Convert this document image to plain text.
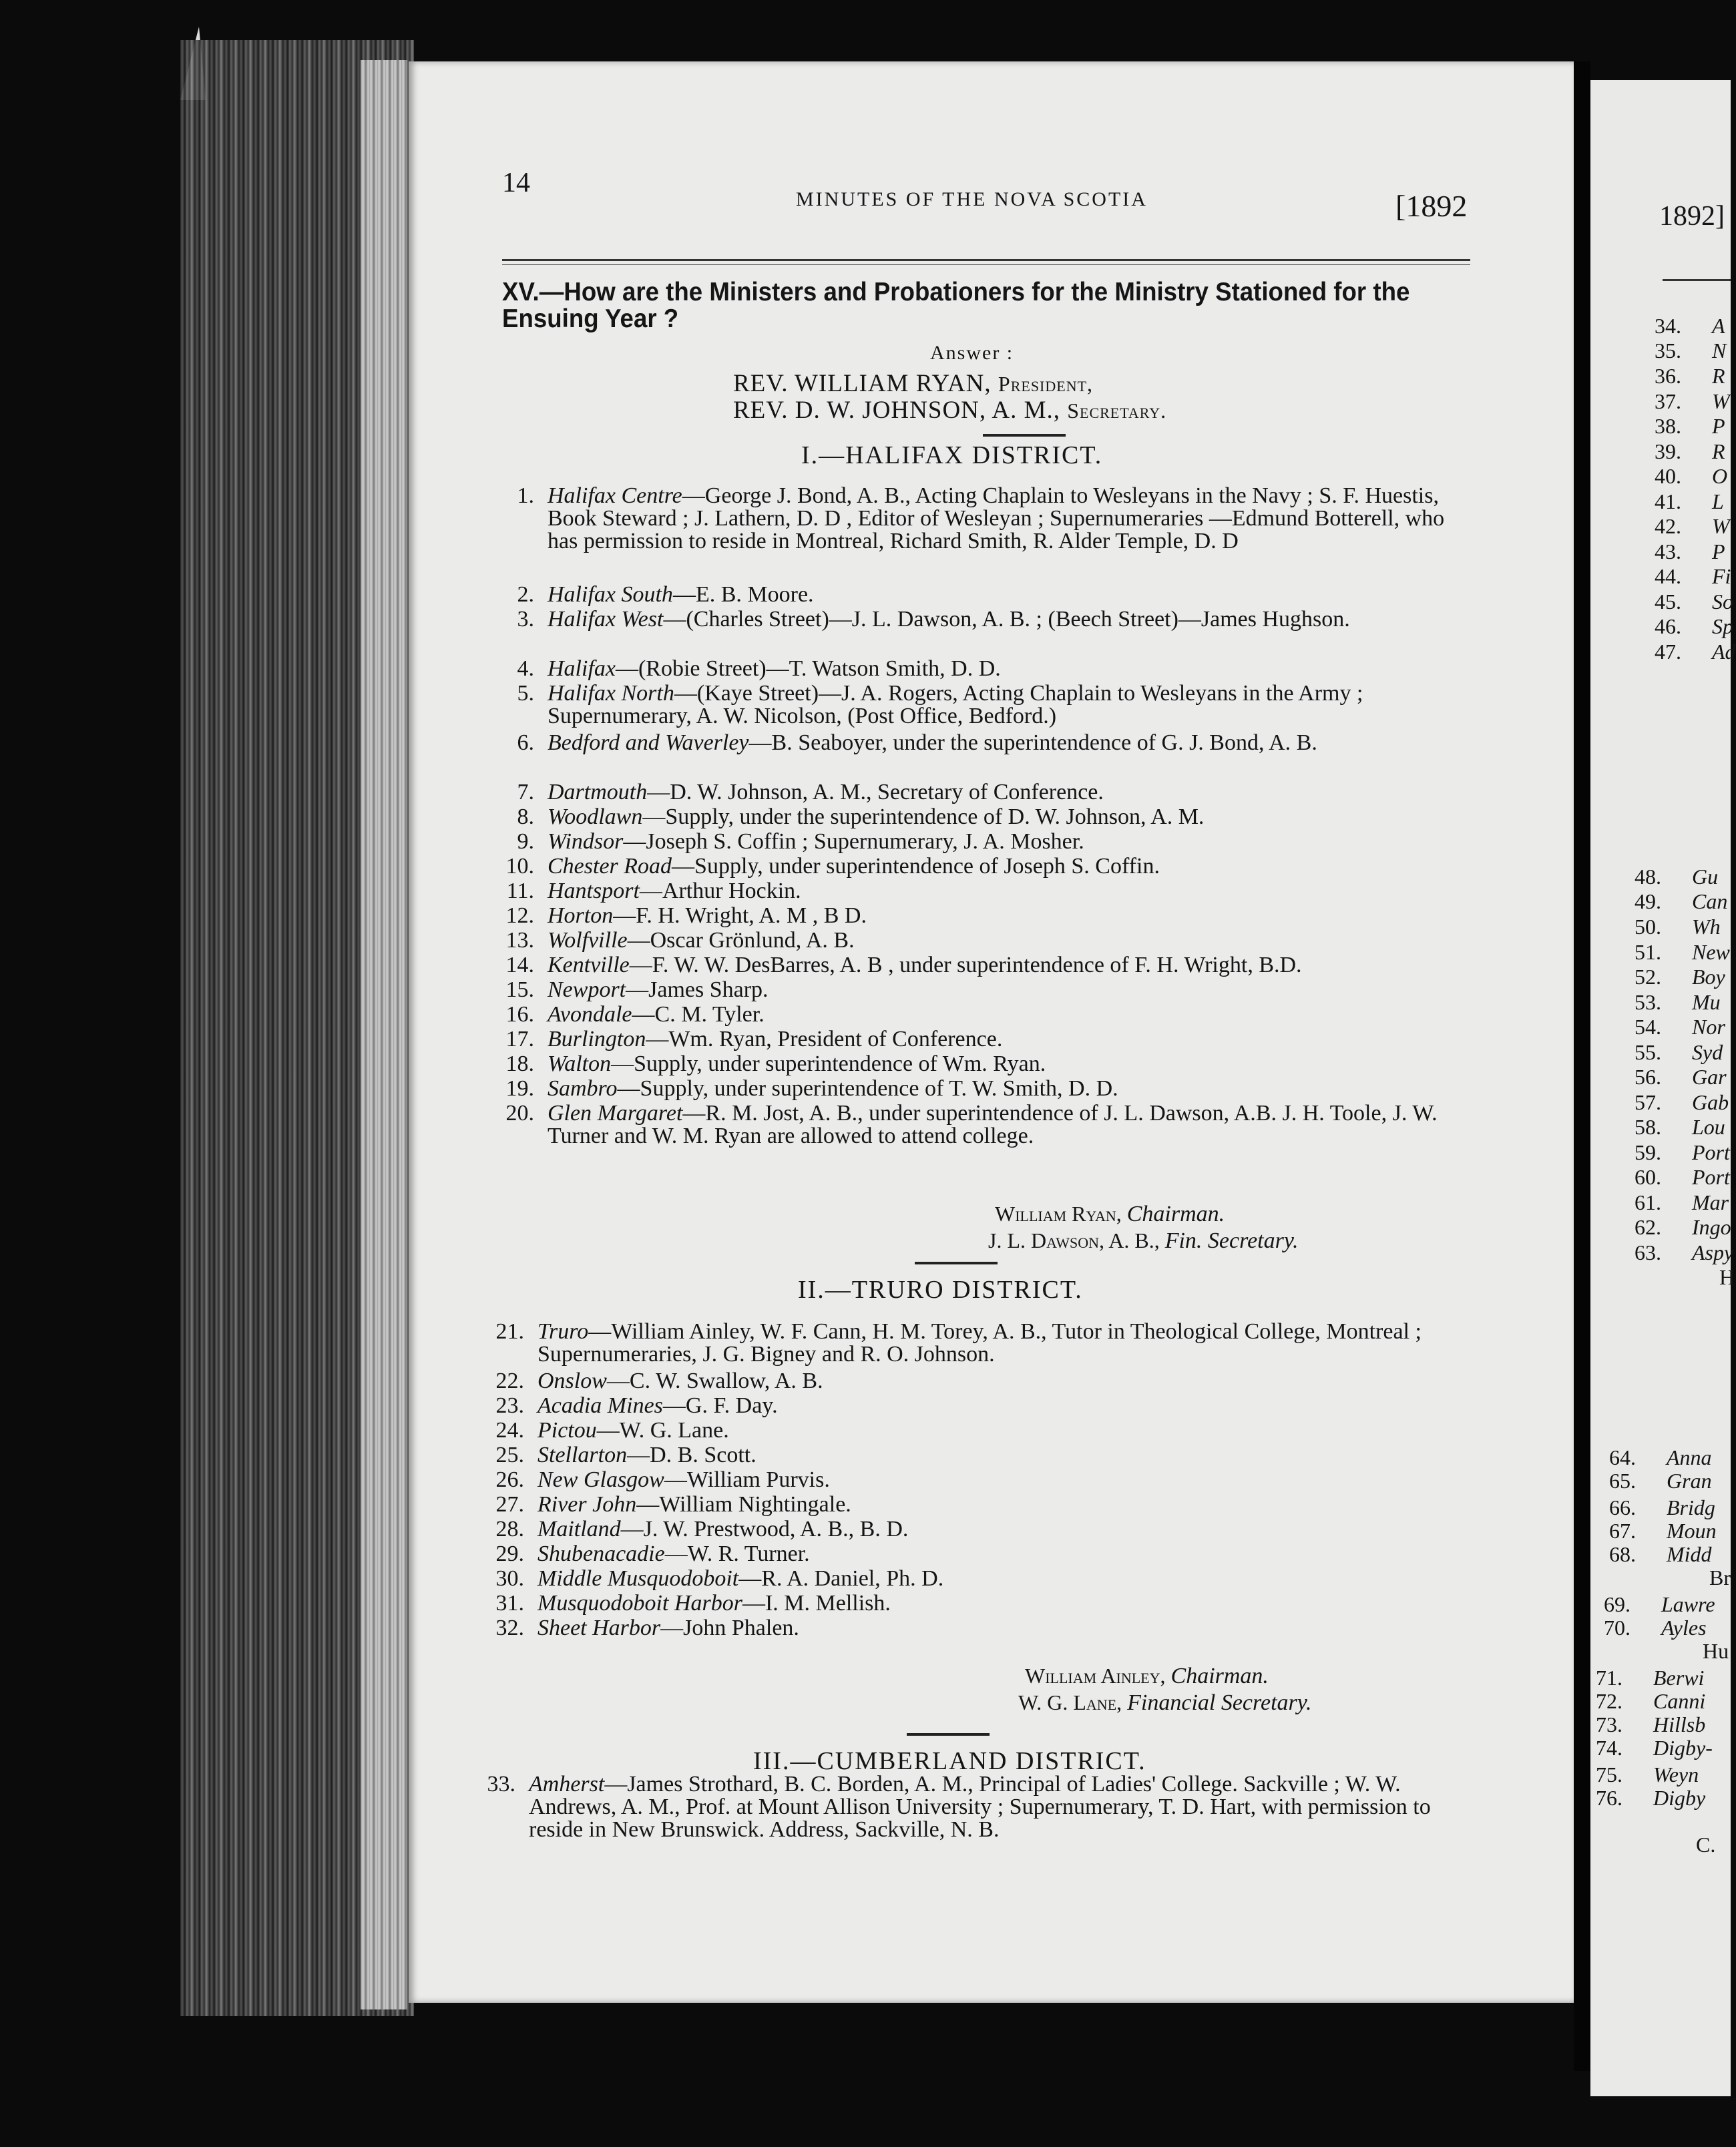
14
MINUTES OF THE NOVA SCOTIA	[1892
XV.—How are the Ministers and Probationers for the Ministry Stationed for the Ensuing Year ?
Answer :
REV. WILLIAM RYAN, President,
REV. D. W. JOHNSON, A. M., Secretary.
I.—HALIFAX DISTRICT.
1. Halifax Centre—George J. Bond, A. B., Acting Chaplain to Wesleyans in the Navy ; S. F. Huestis, Book Steward ; J. Lathern, D. D , Editor of Wesleyan ; Supernumeraries —Edmund Botterell, who has permission to reside in Montreal, Richard Smith, R. Alder Temple, D. D
2. Halifax South—E. B. Moore.
3. Halifax West—(Charles Street)—J. L. Dawson, A. B. ; (Beech Street)—James Hughson.
4. Halifax—(Robie Street)—T. Watson Smith, D. D.
5. Halifax North—(Kaye Street)—J. A. Rogers, Acting Chaplain to Wesleyans in the Army ; Supernumerary, A. W. Nicolson, (Post Office, Bedford.)
6. Bedford and Waverley—B. Seaboyer, under the superintendence of G. J. Bond, A. B.
7. Dartmouth—D. W. Johnson, A. M., Secretary of Conference.
8. Woodlawn—Supply, under the superintendence of D. W. Johnson, A. M.
9. Windsor—Joseph S. Coffin ; Supernumerary, J. A. Mosher.
10. Chester Road—Supply, under superintendence of Joseph S. Coffin.
11. Hantsport—Arthur Hockin.
12. Horton—F. H. Wright, A. M , B D.
13. Wolfville—Oscar Grönlund, A. B.
14. Kentville—F. W. W. DesBarres, A. B , under superintendence of F. H. Wright, B.D.
15. Newport—James Sharp.
16. Avondale—C. M. Tyler.
17. Burlington—Wm. Ryan, President of Conference.
18. Walton—Supply, under superintendence of Wm. Ryan.
19. Sambro—Supply, under superintendence of T. W. Smith, D. D.
20. Glen Margaret—R. M. Jost, A. B., under superintendence of J. L. Dawson, A.B. J. H. Toole, J. W. Turner and W. M. Ryan are allowed to attend college.
William Ryan, Chairman.
J. L. Dawson, A. B., Fin. Secretary.
II.—TRURO DISTRICT.
21. Truro—William Ainley, W. F. Cann, H. M. Torey, A. B., Tutor in Theological College, Montreal ; Supernumeraries, J. G. Bigney and R. O. Johnson.
22. Onslow—C. W. Swallow, A. B.
23. Acadia Mines—G. F. Day.
24. Pictou—W. G. Lane.
25. Stellarton—D. B. Scott.
26. New Glasgow—William Purvis.
27. River John—William Nightingale.
28. Maitland—J. W. Prestwood, A. B., B. D.
29. Shubenacadie—W. R. Turner.
30. Middle Musquodoboit—R. A. Daniel, Ph. D.
31. Musquodoboit Harbor—I. M. Mellish.
32. Sheet Harbor—John Phalen.
William Ainley, Chairman.
W. G. Lane, Financial Secretary.
III.—CUMBERLAND DISTRICT.
33. Amherst—James Strothard, B. C. Borden, A. M., Principal of Ladies' College. Sackville ; W. W. Andrews, A. M., Prof. at Mount Allison University ; Supernumerary, T. D. Hart, with permission to reside in New Brunswick. Address, Sackville, N. B.
1892]
34. A
35. N
36. R
37. W
38. P
39. R
40. O
41. L
42. W
43. P
44. Fi
45. So
46. Sp
47. Ad
48. Gu
49. Can
50. Wh
51. New
52. Boy
53. Mu
54. Nor
55. Syd
56. Gar
57. Gab
58. Lou
59. Port
60. Port
61. Mar
62. Ingo
63. Aspy
64. Anna
65. Gran
66. Bridg
67. Moun
68. Midd
69. Lawre
70. Ayles
71. Berwi
72. Canni
73. Hillsb
74. Digby-
75. Weyn
76. Digby
H
Br
Hu
C.
